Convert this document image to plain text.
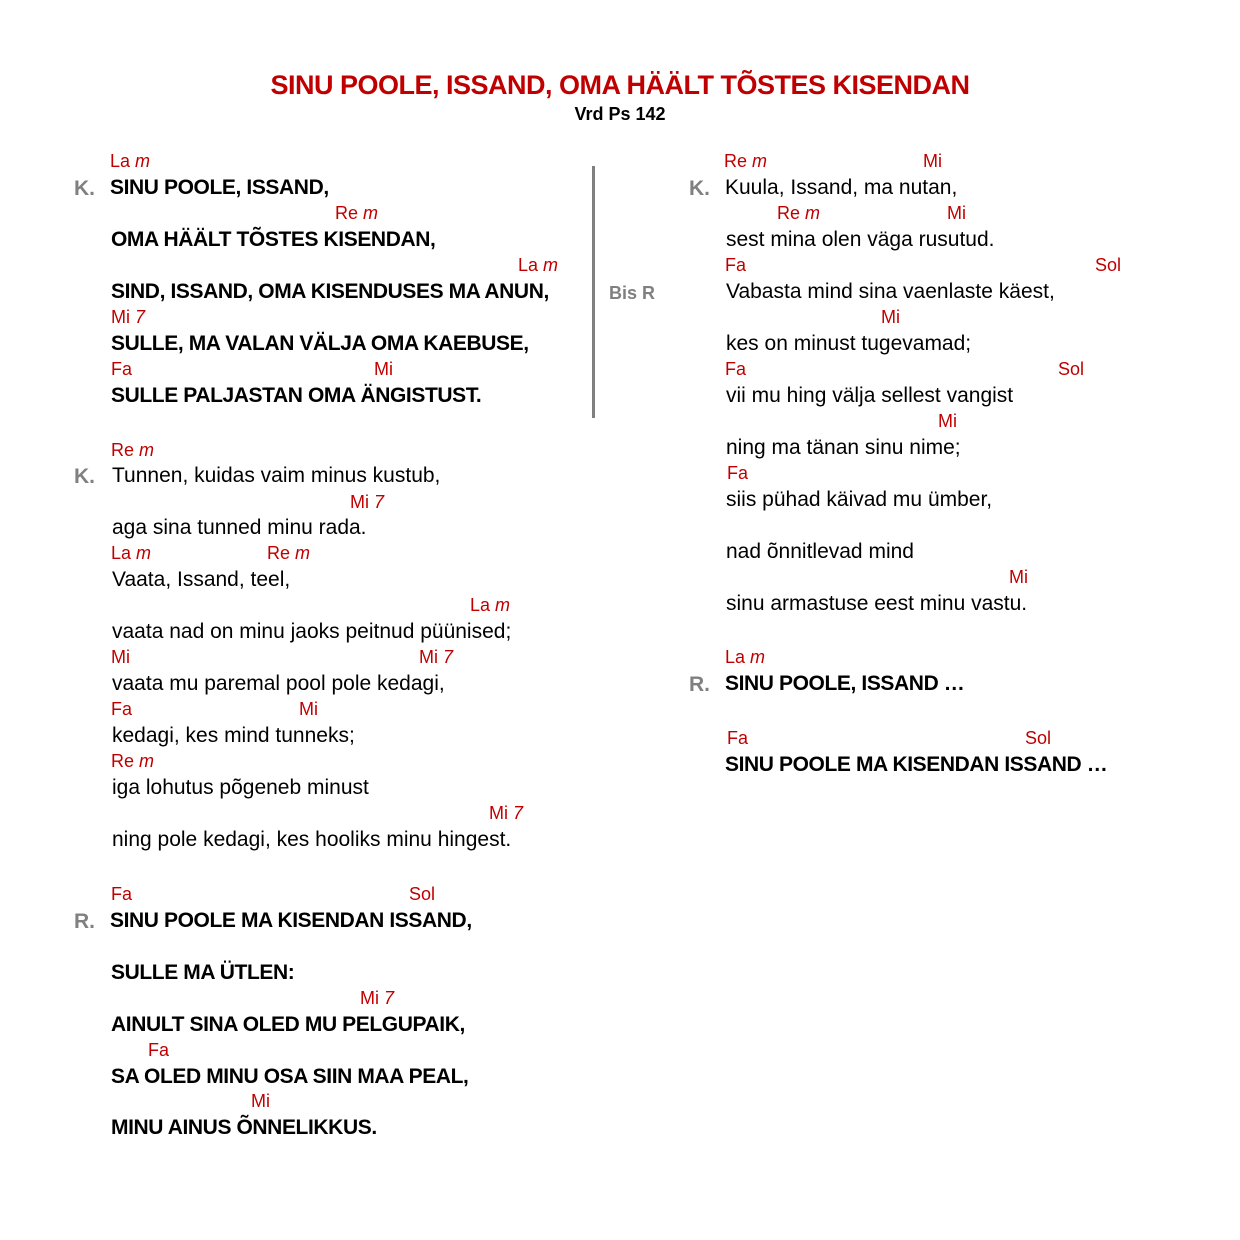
SINU POOLE, ISSAND, OMA HÄÄLT TÕSTES KISENDAN
Vrd Ps 142
Bis R
K.
La m
SINU POOLE, ISSAND,
Re m
OMA HÄÄLT TÕSTES KISENDAN,
La m
SIND, ISSAND, OMA KISENDUSES MA ANUN,
Mi 7
SULLE, MA VALAN VÄLJA OMA KAEBUSE,
Fa	Mi
SULLE PALJASTAN OMA ÄNGISTUST.
K.
Re m
Tunnen, kuidas vaim minus kustub,
Mi 7
aga sina tunned minu rada.
La m	Re m
Vaata, Issand, teel,
La m
vaata nad on minu jaoks peitnud püünised;
Mi	Mi 7
vaata mu paremal pool pole kedagi,
Fa	Mi
kedagi, kes mind tunneks;
Re m
iga lohutus põgeneb minust
Mi 7
ning pole kedagi, kes hooliks minu hingest.
R.
Fa	Sol
SINU POOLE MA KISENDAN ISSAND,
SULLE MA ÜTLEN:
Mi 7
AINULT SINA OLED MU PELGUPAIK,
Fa
SA OLED MINU OSA SIIN MAA PEAL,
Mi
MINU AINUS ÕNNELIKKUS.
K.
Re m	Mi
Kuula, Issand, ma nutan,
Re m	Mi
sest mina olen väga rusutud.
Fa	Sol
Vabasta mind sina vaenlaste käest,
Mi
kes on minust tugevamad;
Fa	Sol
vii mu hing välja sellest vangist
Mi
ning ma tänan sinu nime;
Fa
siis pühad käivad mu ümber,
nad õnnitlevad mind
Mi
sinu armastuse eest minu vastu.
R.
La m
SINU POOLE, ISSAND …
Fa	Sol
SINU POOLE MA KISENDAN ISSAND …
